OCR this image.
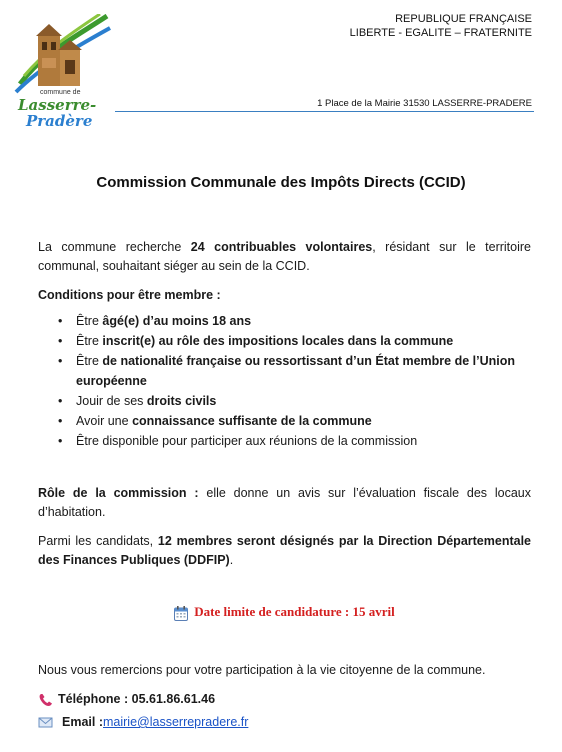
commune de
Lasserre-
Pradère
REPUBLIQUE FRANÇAISE
LIBERTE - EGALITE – FRATERNITE
1 Place de la Mairie 31530 LASSERRE-PRADERE
Commission Communale des Impôts Directs (CCID)

La commune recherche 24 contribuables volontaires, résidant sur le territoire communal, souhaitant siéger au sein de la CCID.

Conditions pour être membre :

• Être âgé(e) d’au moins 18 ans
• Être inscrit(e) au rôle des impositions locales dans la commune
• Être de nationalité française ou ressortissant d’un État membre de l’Union européenne
• Jouir de ses droits civils
• Avoir une connaissance suffisante de la commune
• Être disponible pour participer aux réunions de la commission

Rôle de la commission : elle donne un avis sur l’évaluation fiscale des locaux d’habitation.

Parmi les candidats, 12 membres seront désignés par la Direction Départementale des Finances Publiques (DDFIP).

Date limite de candidature : 15 avril

Nous vous remercions pour votre participation à la vie citoyenne de la commune.

Téléphone : 05.61.86.61.46
Email : mairie@lasserrepradere.fr
